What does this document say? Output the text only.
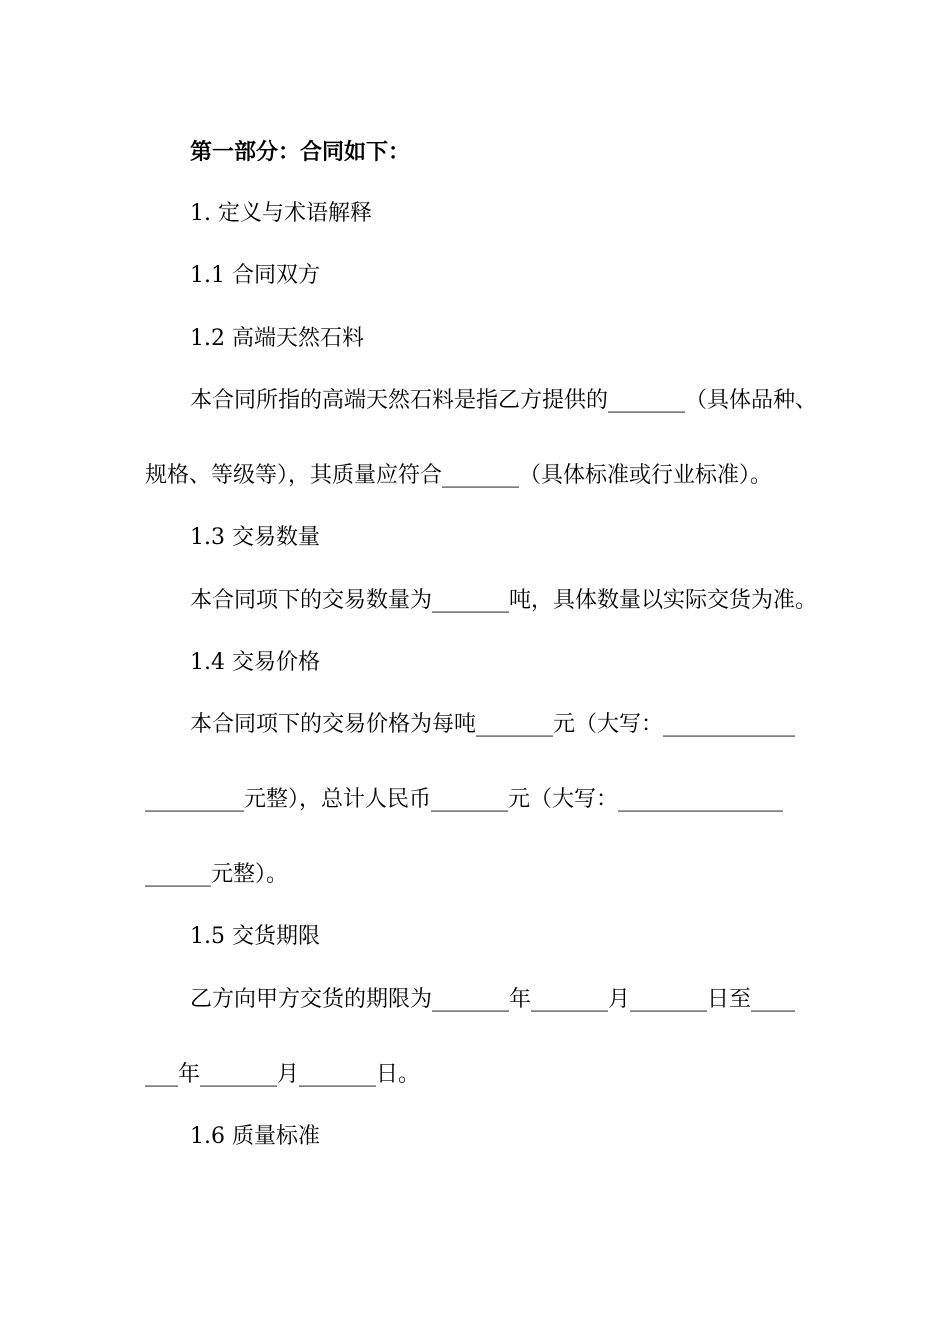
第一部分：合同如下：
1. 定义与术语解释
1.1 合同双方
1.2 高端天然石料
本合同所指的高端天然石料是指乙方提供的_______（具体品种、
规格、等级等），其质量应符合_______（具体标准或行业标准）。
1.3 交易数量
本合同项下的交易数量为_______吨，具体数量以实际交货为准。
1.4 交易价格
本合同项下的交易价格为每吨_______元（大写：____________
_________元整），总计人民币_______元（大写：_______________
______元整）。
1.5 交货期限
乙方向甲方交货的期限为_______年_______月_______日至____
___年_______月_______日。
1.6 质量标准
